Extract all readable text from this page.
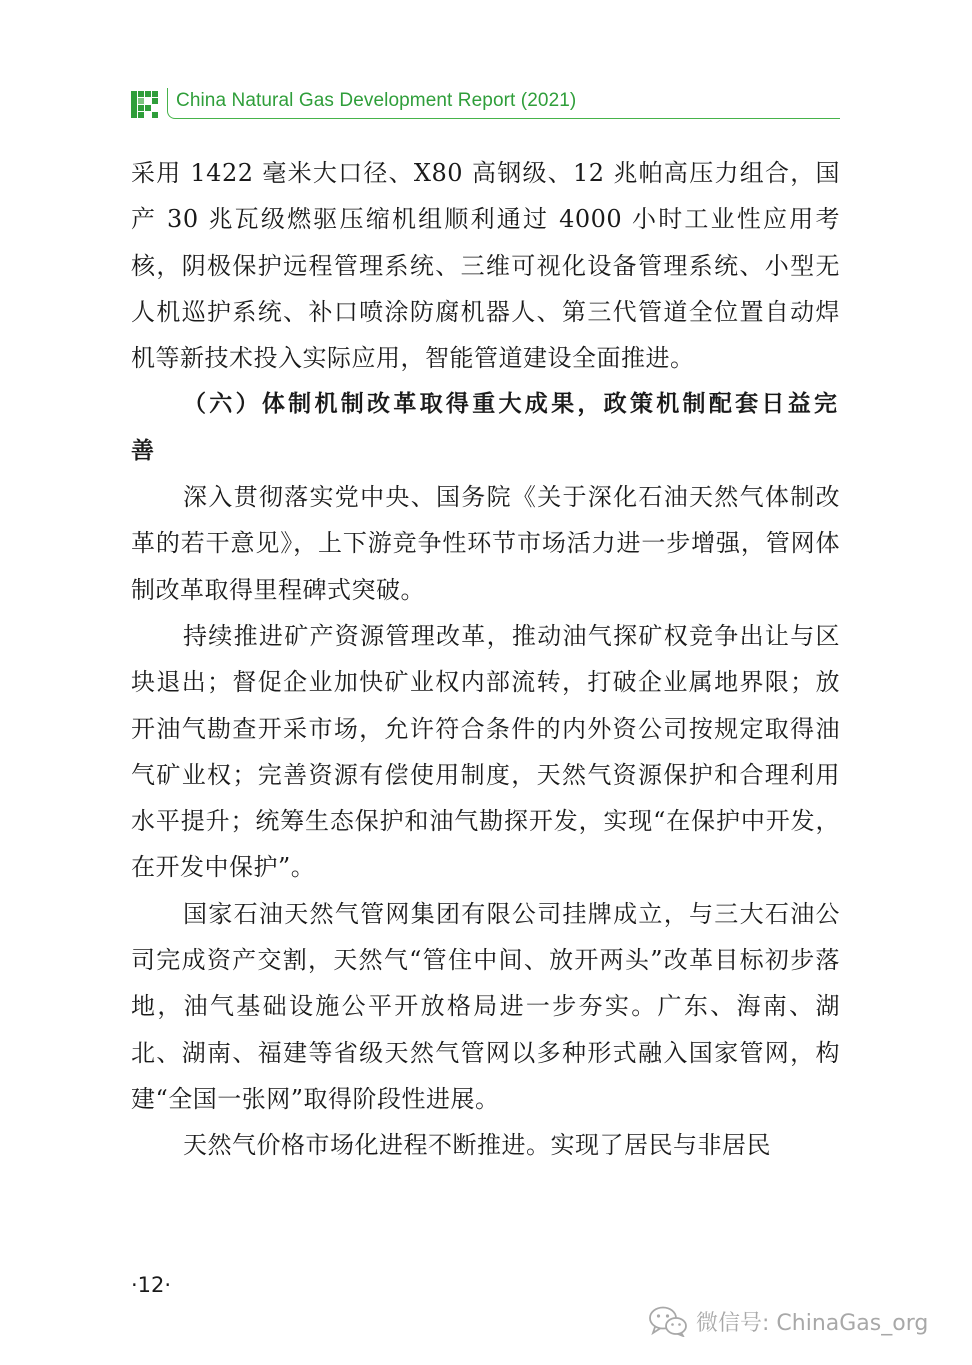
China Natural Gas Development Report (2021)

采用 1422 毫米大口径、X80 高钢级、12 兆帕高压力组合，国产 30 兆瓦级燃驱压缩机组顺利通过 4000 小时工业性应用考核，阴极保护远程管理系统、三维可视化设备管理系统、小型无人机巡护系统、补口喷涂防腐机器人、第三代管道全位置自动焊机等新技术投入实际应用，智能管道建设全面推进。

（六）体制机制改革取得重大成果，政策机制配套日益完善

深入贯彻落实党中央、国务院《关于深化石油天然气体制改革的若干意见》，上下游竞争性环节市场活力进一步增强，管网体制改革取得里程碑式突破。

持续推进矿产资源管理改革，推动油气探矿权竞争出让与区块退出；督促企业加快矿业权内部流转，打破企业属地界限；放开油气勘查开采市场，允许符合条件的内外资公司按规定取得油气矿业权；完善资源有偿使用制度，天然气资源保护和合理利用水平提升；统筹生态保护和油气勘探开发，实现“在保护中开发，在开发中保护”。

国家石油天然气管网集团有限公司挂牌成立，与三大石油公司完成资产交割，天然气“管住中间、放开两头”改革目标初步落地，油气基础设施公平开放格局进一步夯实。广东、海南、湖北、湖南、福建等省级天然气管网以多种形式融入国家管网，构建“全国一张网”取得阶段性进展。

天然气价格市场化进程不断推进。实现了居民与非居民

·12·
微信号: ChinaGas_org
